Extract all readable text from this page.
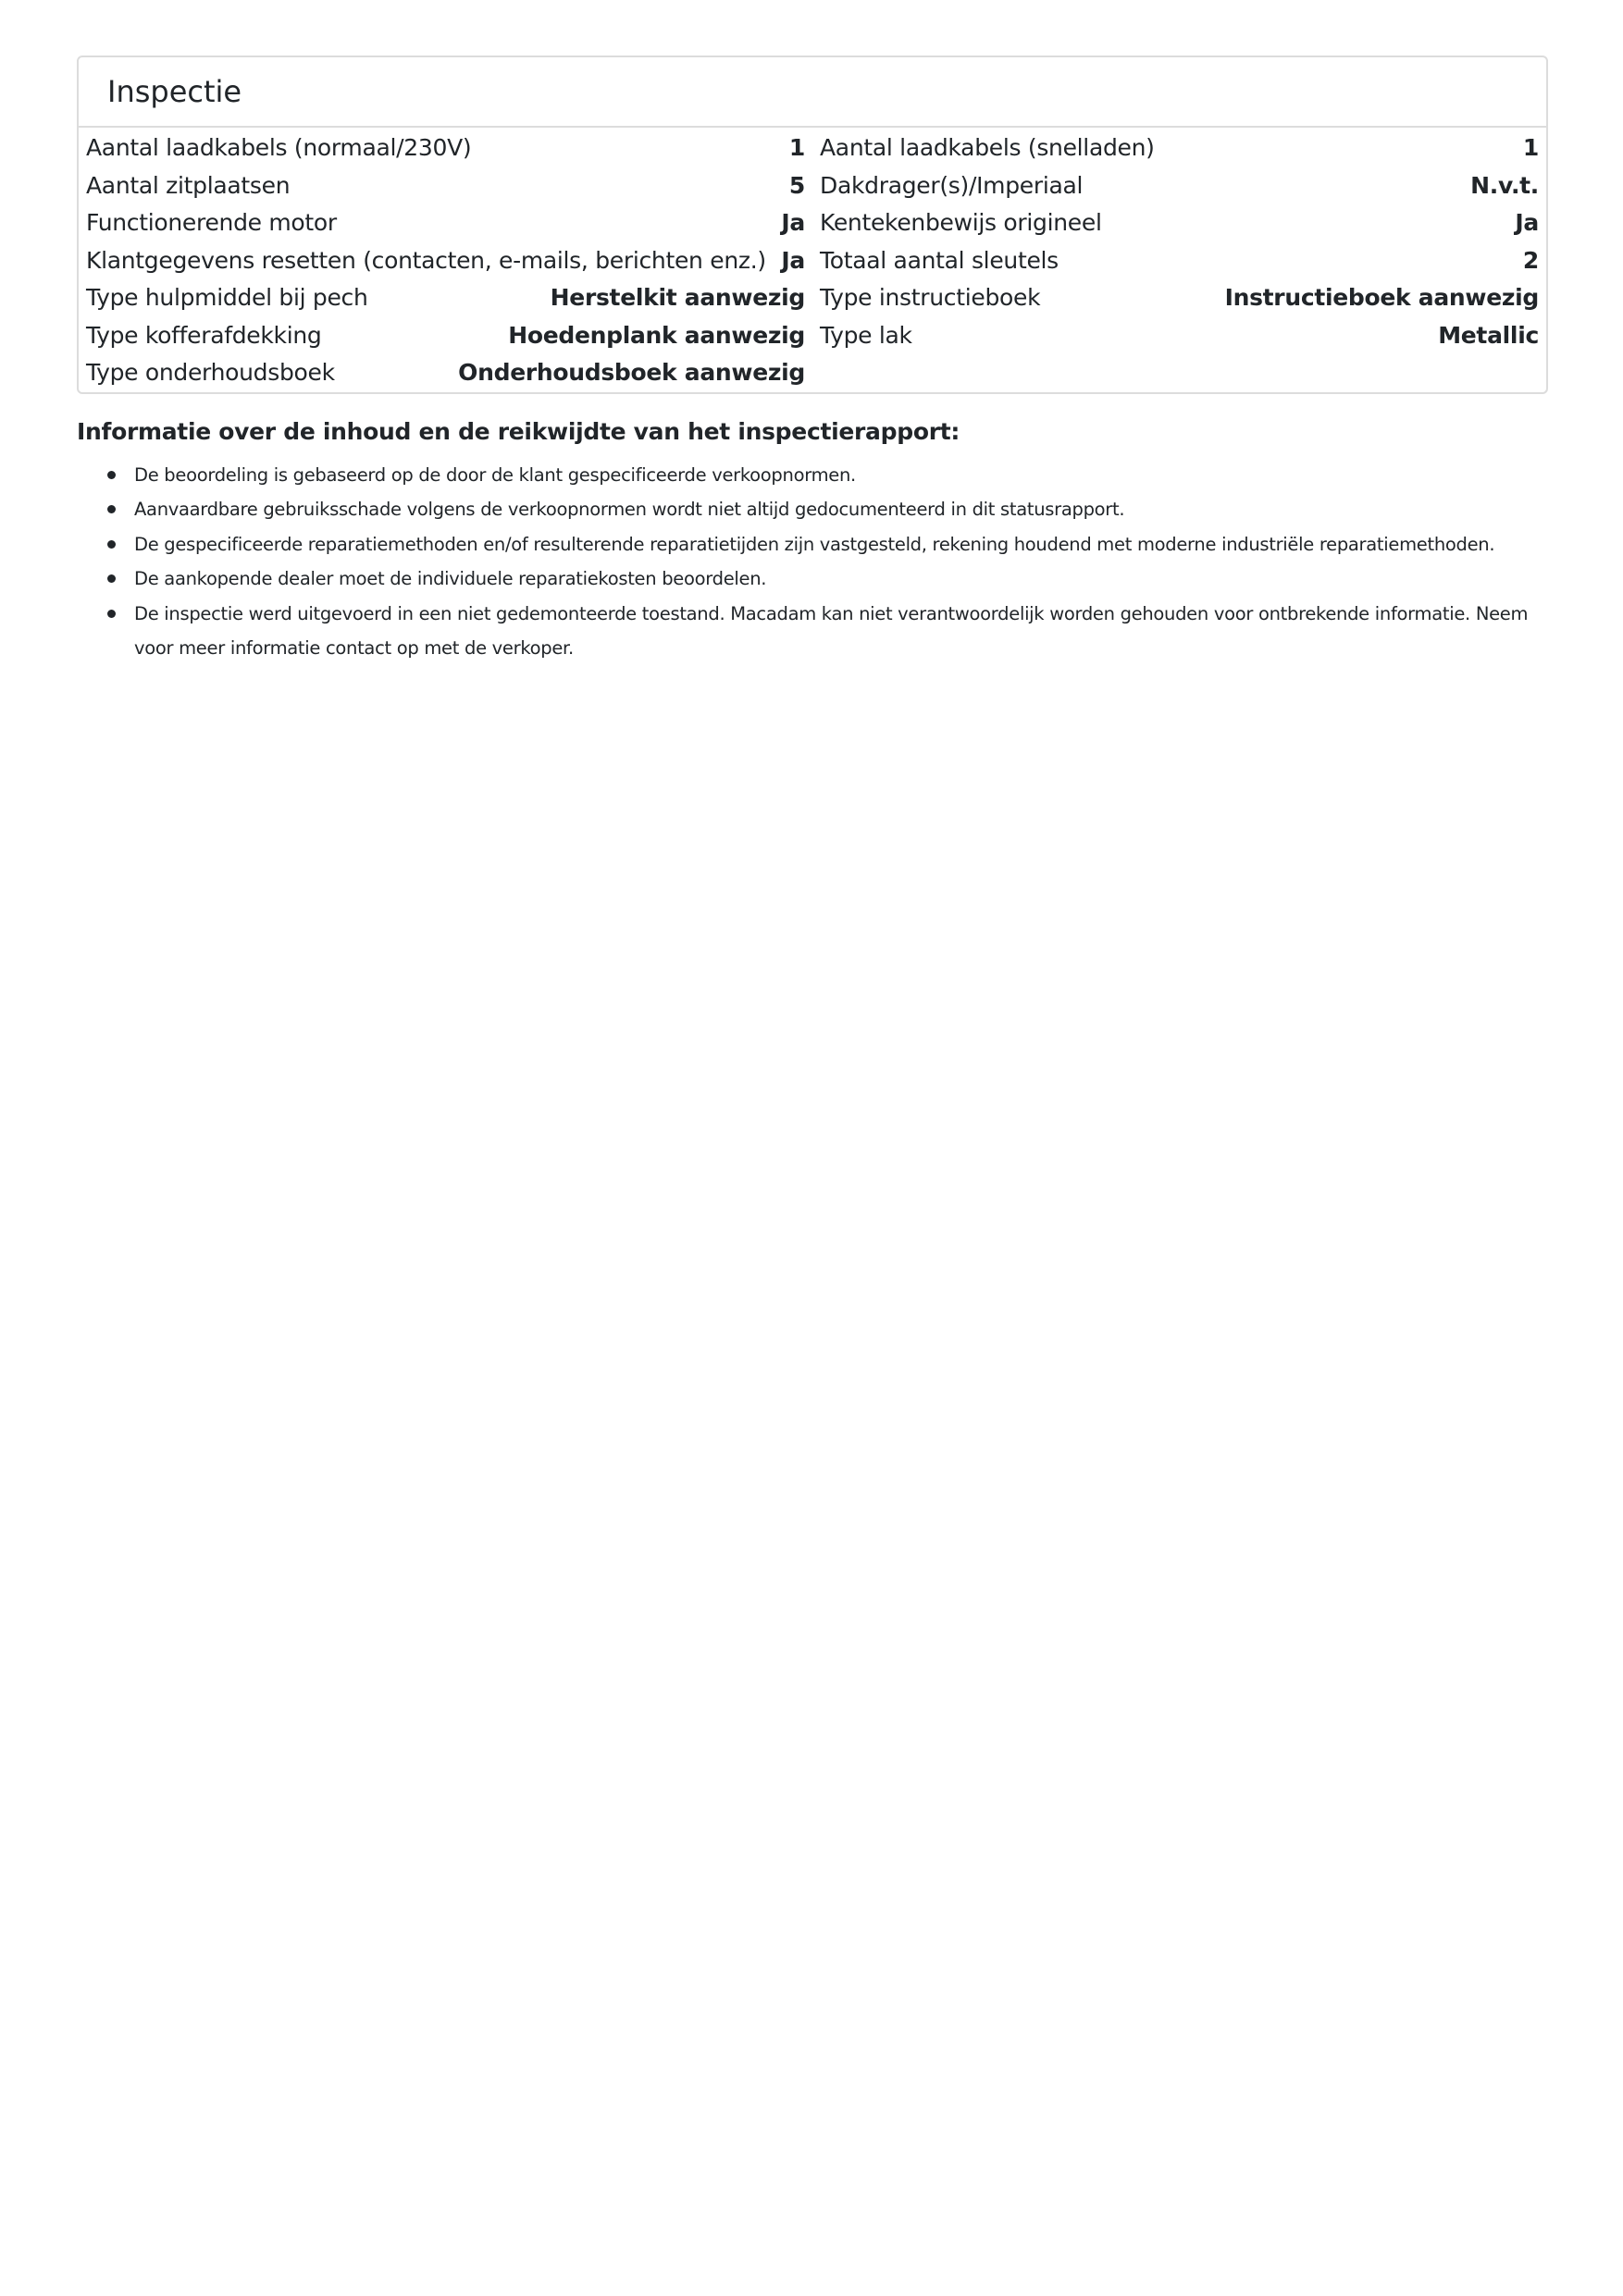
Inspectie
Aantal laadkabels (normaal/230V)	1
Aantal zitplaatsen	5
Functionerende motor	Ja
Klantgegevens resetten (contacten, e-mails, berichten enz.) Ja
Type hulpmiddel bij pech	Herstelkit aanwezig
Type kofferafdekking	Hoedenplank aanwezig
Type onderhoudsboek	Onderhoudsboek aanwezig
Aantal laadkabels (snelladen)	1
Dakdrager(s)/Imperiaal	N.v.t.
Kentekenbewijs origineel	Ja
Totaal aantal sleutels	2
Type instructieboek	Instructieboek aanwezig
Type lak	Metallic
Informatie over de inhoud en de reikwijdte van het inspectierapport:
De beoordeling is gebaseerd op de door de klant gespecificeerde verkoopnormen.
Aanvaardbare gebruiksschade volgens de verkoopnormen wordt niet altijd gedocumenteerd in dit statusrapport.
De gespecificeerde reparatiemethoden en/of resulterende reparatietijden zijn vastgesteld, rekening houdend met moderne industriële reparatiemethoden.
De aankopende dealer moet de individuele reparatiekosten beoordelen.
De inspectie werd uitgevoerd in een niet gedemonteerde toestand. Macadam kan niet verantwoordelijk worden gehouden voor ontbrekende informatie. Neem voor meer informatie contact op met de verkoper.
